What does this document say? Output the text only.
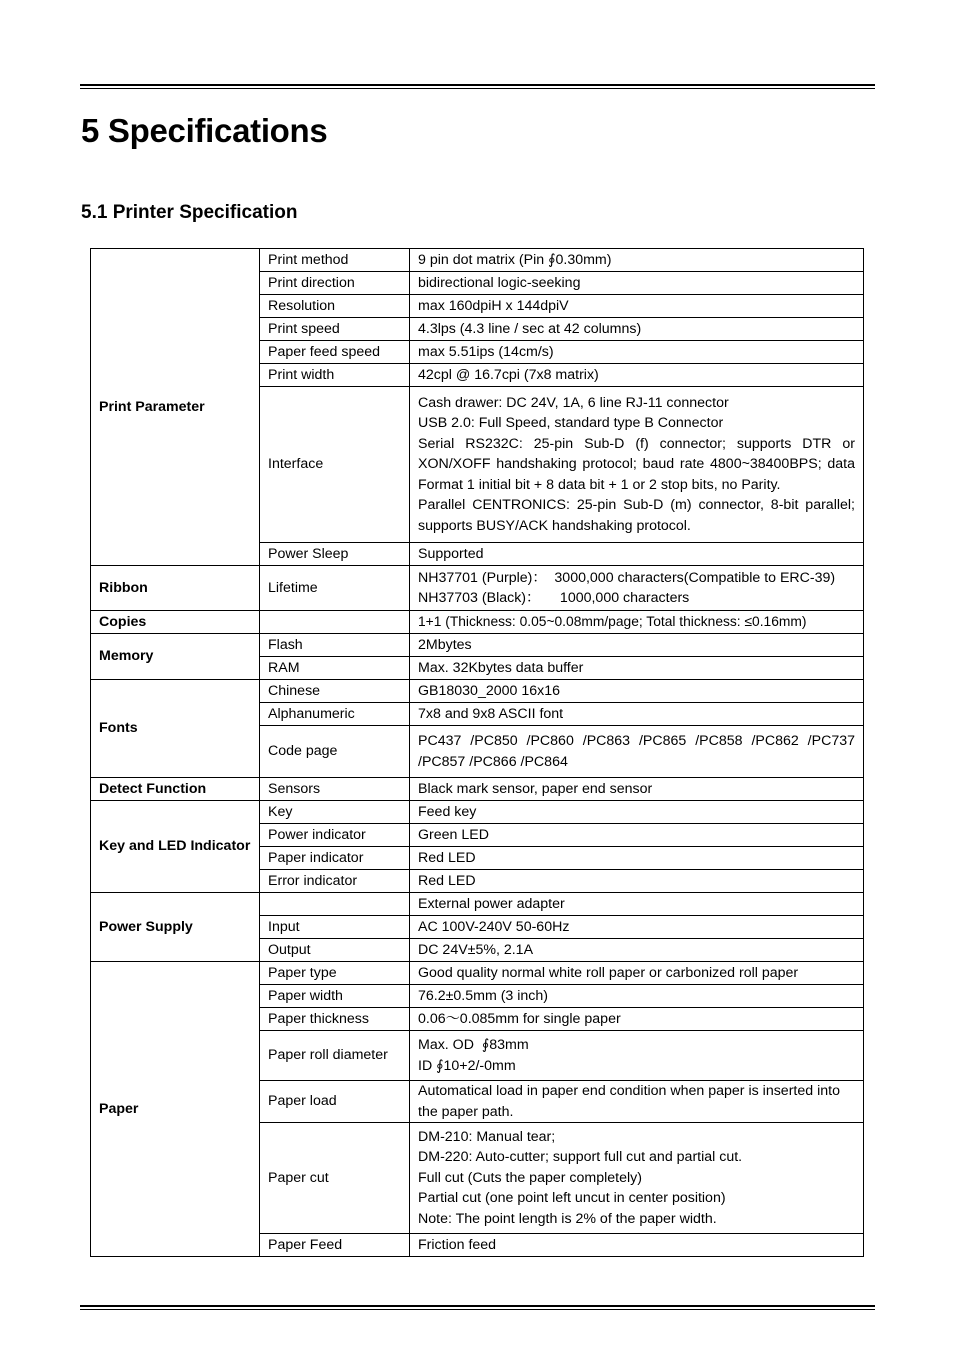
5 Specifications
5.1 Printer Specification
Print Parameter	Print method	9 pin dot matrix (Pin ∮0.30mm)
	Print direction	bidirectional logic-seeking
	Resolution	max 160dpiH x 144dpiV
	Print speed	4.3lps (4.3 line / sec at 42 columns)
	Paper feed speed	max 5.51ips (14cm/s)
	Print width	42cpl @ 16.7cpi (7x8 matrix)
	Interface	Cash drawer: DC 24V, 1A, 6 line RJ-11 connector
USB 2.0: Full Speed, standard type B Connector
Serial RS232C: 25-pin Sub-D (f) connector; supports DTR or XON/XOFF handshaking protocol; baud rate 4800~38400BPS; data Format 1 initial bit + 8 data bit + 1 or 2 stop bits, no Parity.
Parallel CENTRONICS: 25-pin Sub-D (m) connector, 8-bit parallel; supports BUSY/ACK handshaking protocol.

	Power Sleep	Supported
Ribbon	Lifetime	NH37701 (Purple)：  3000,000 characters(Compatible to ERC-39)
NH37703 (Black)：     1000,000 characters

Copies		1+1 (Thickness: 0.05~0.08mm/page; Total thickness: ≤0.16mm)
Memory	Flash	2Mbytes
	RAM	Max. 32Kbytes data buffer
Fonts	Chinese	GB18030_2000 16x16
	Alphanumeric	7x8 and 9x8 ASCII font
	Code page	PC437 /PC850 /PC860 /PC863 /PC865 /PC858 /PC862 /PC737 /PC857 /PC866 /PC864
Detect Function	Sensors	Black mark sensor, paper end sensor
Key and LED Indicator	Key	Feed key
	Power indicator	Green LED
	Paper indicator	Red LED
	Error indicator	Red LED
Power Supply		External power adapter
	Input	AC 100V-240V 50-60Hz
	Output	DC 24V±5%, 2.1A
Paper	Paper type	Good quality normal white roll paper or carbonized roll paper
	Paper width	76.2±0.5mm (3 inch)
	Paper thickness	0.06～0.085mm for single paper
	Paper roll diameter	Max. OD  ∮83mm
ID ∮10+2/-0mm

	Paper load	Automatical load in paper end condition when paper is inserted into the paper path.
	Paper cut	DM-210: Manual tear;
DM-220: Auto-cutter; support full cut and partial cut.
Full cut (Cuts the paper completely)
Partial cut (one point left uncut in center position)
Note: The point length is 2% of the paper width.

	Paper Feed	Friction feed
